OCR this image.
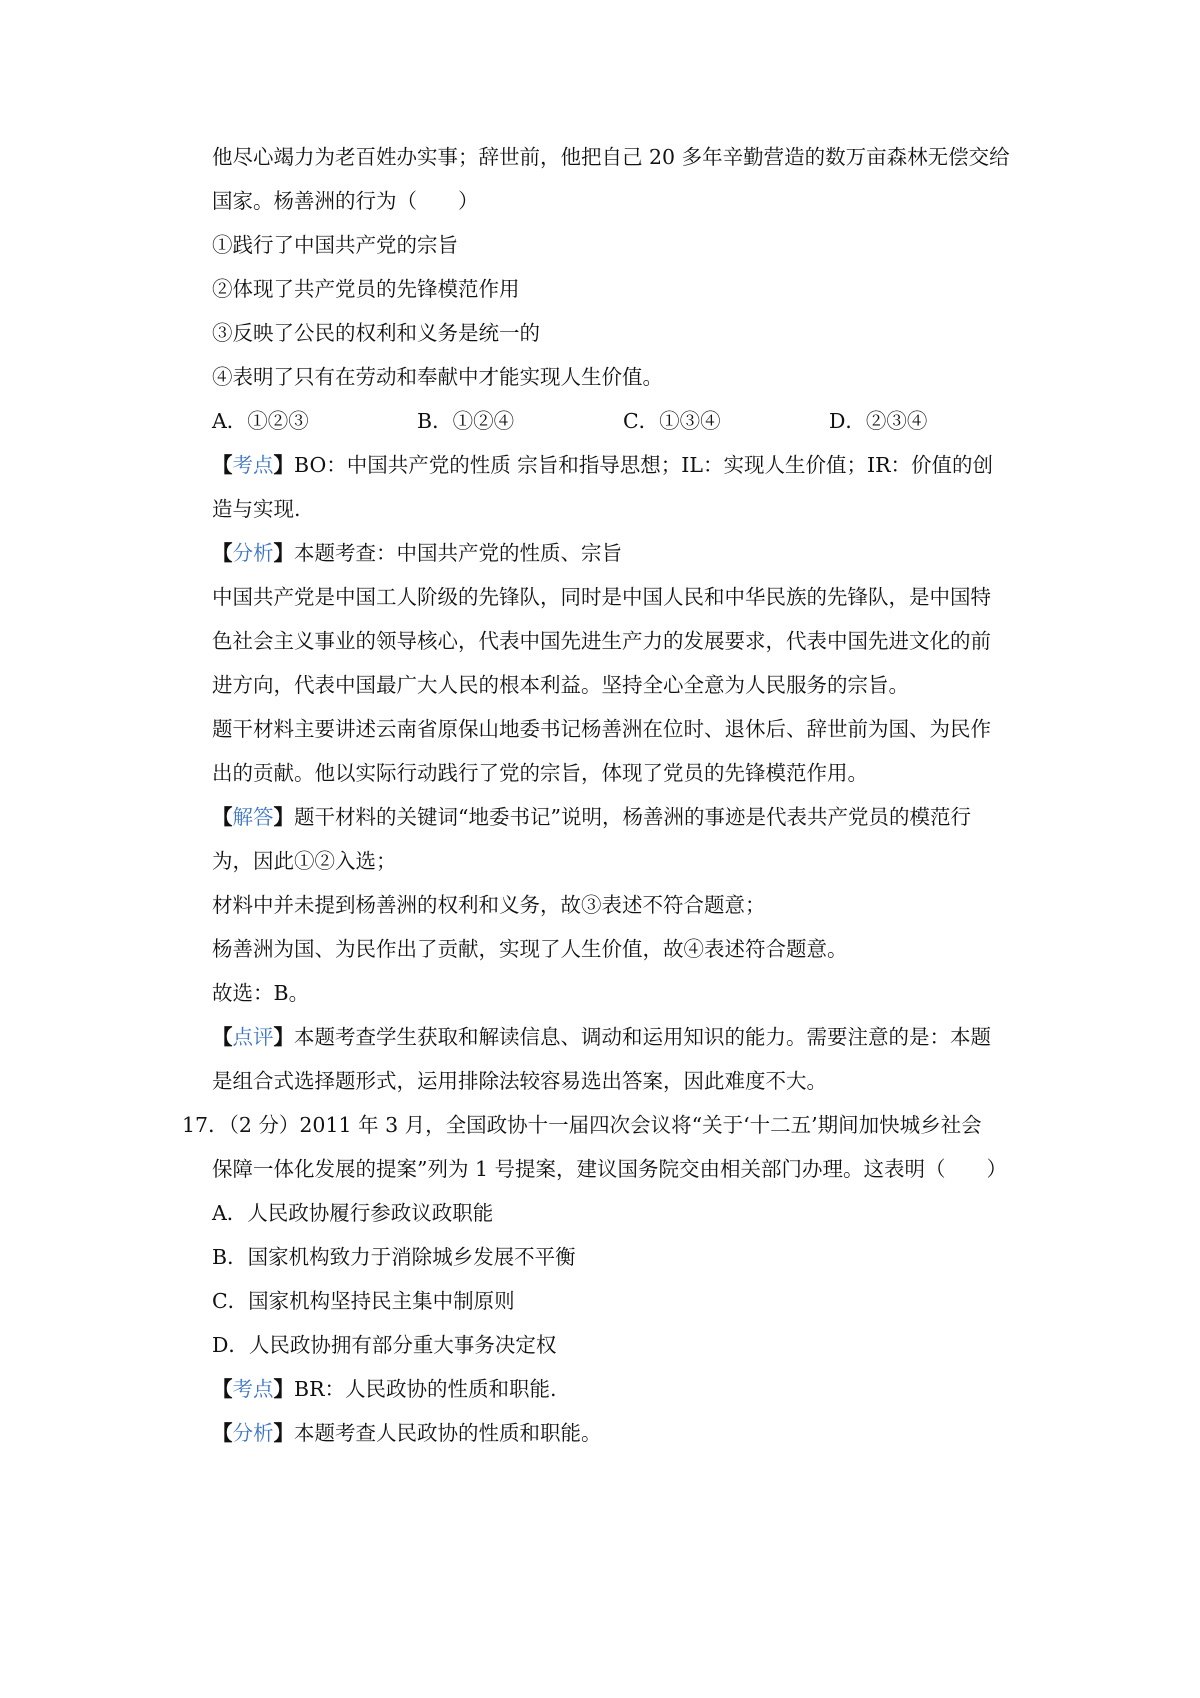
他尽心竭力为老百姓办实事；辞世前，他把自己 20 多年辛勤营造的数万亩森林无偿交给
国家。杨善洲的行为（　　）
①践行了中国共产党的宗旨
②体现了共产党员的先锋模范作用
③反映了公民的权利和义务是统一的
④表明了只有在劳动和奉献中才能实现人生价值。
A．①②③	B．①②④	C．①③④	D．②③④
【考点】BO：中国共产党的性质 宗旨和指导思想；IL：实现人生价值；IR：价值的创
造与实现.
【分析】本题考查：中国共产党的性质、宗旨
中国共产党是中国工人阶级的先锋队，同时是中国人民和中华民族的先锋队，是中国特
色社会主义事业的领导核心，代表中国先进生产力的发展要求，代表中国先进文化的前
进方向，代表中国最广大人民的根本利益。坚持全心全意为人民服务的宗旨。
题干材料主要讲述云南省原保山地委书记杨善洲在位时、退休后、辞世前为国、为民作
出的贡献。他以实际行动践行了党的宗旨，体现了党员的先锋模范作用。
【解答】题干材料的关键词“地委书记”说明，杨善洲的事迹是代表共产党员的模范行
为，因此①②入选；
材料中并未提到杨善洲的权利和义务，故③表述不符合题意；
杨善洲为国、为民作出了贡献，实现了人生价值，故④表述符合题意。
故选：B。
【点评】本题考查学生获取和解读信息、调动和运用知识的能力。需要注意的是：本题
是组合式选择题形式，运用排除法较容易选出答案，因此难度不大。
17．（2 分）2011 年 3 月，全国政协十一届四次会议将“关于‘十二五’期间加快城乡社会
保障一体化发展的提案”列为 1 号提案，建议国务院交由相关部门办理。这表明（　　）
A．人民政协履行参政议政职能
B．国家机构致力于消除城乡发展不平衡
C．国家机构坚持民主集中制原则
D．人民政协拥有部分重大事务决定权
【考点】BR：人民政协的性质和职能.
【分析】本题考查人民政协的性质和职能。
